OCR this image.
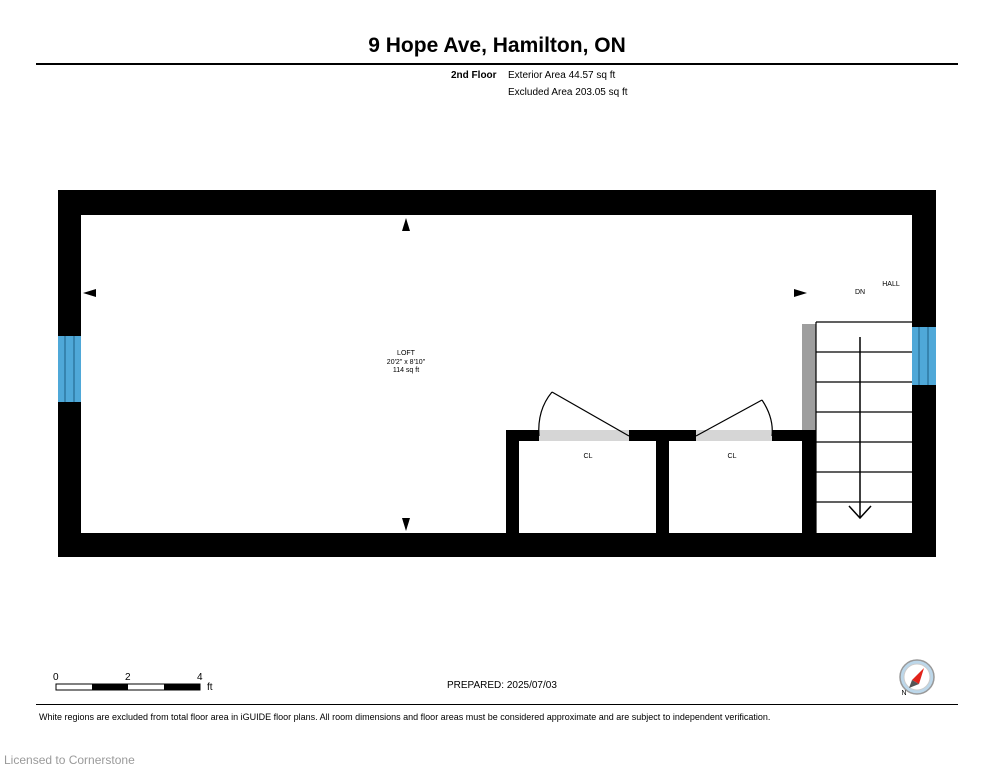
9 Hope Ave, Hamilton, ON
2nd Floor Exterior Area 44.57 sq ft
Excluded Area 203.05 sq ft
LOFT
20'2" x 8'10"
114 sq ft
CL	CL
DN
HALL
0	2	4
ft
N
PREPARED: 2025/07/03
White regions are excluded from total floor area in iGUIDE floor plans. All room dimensions and floor areas must be considered approximate and are subject to independent verification.
Licensed to Cornerstone
